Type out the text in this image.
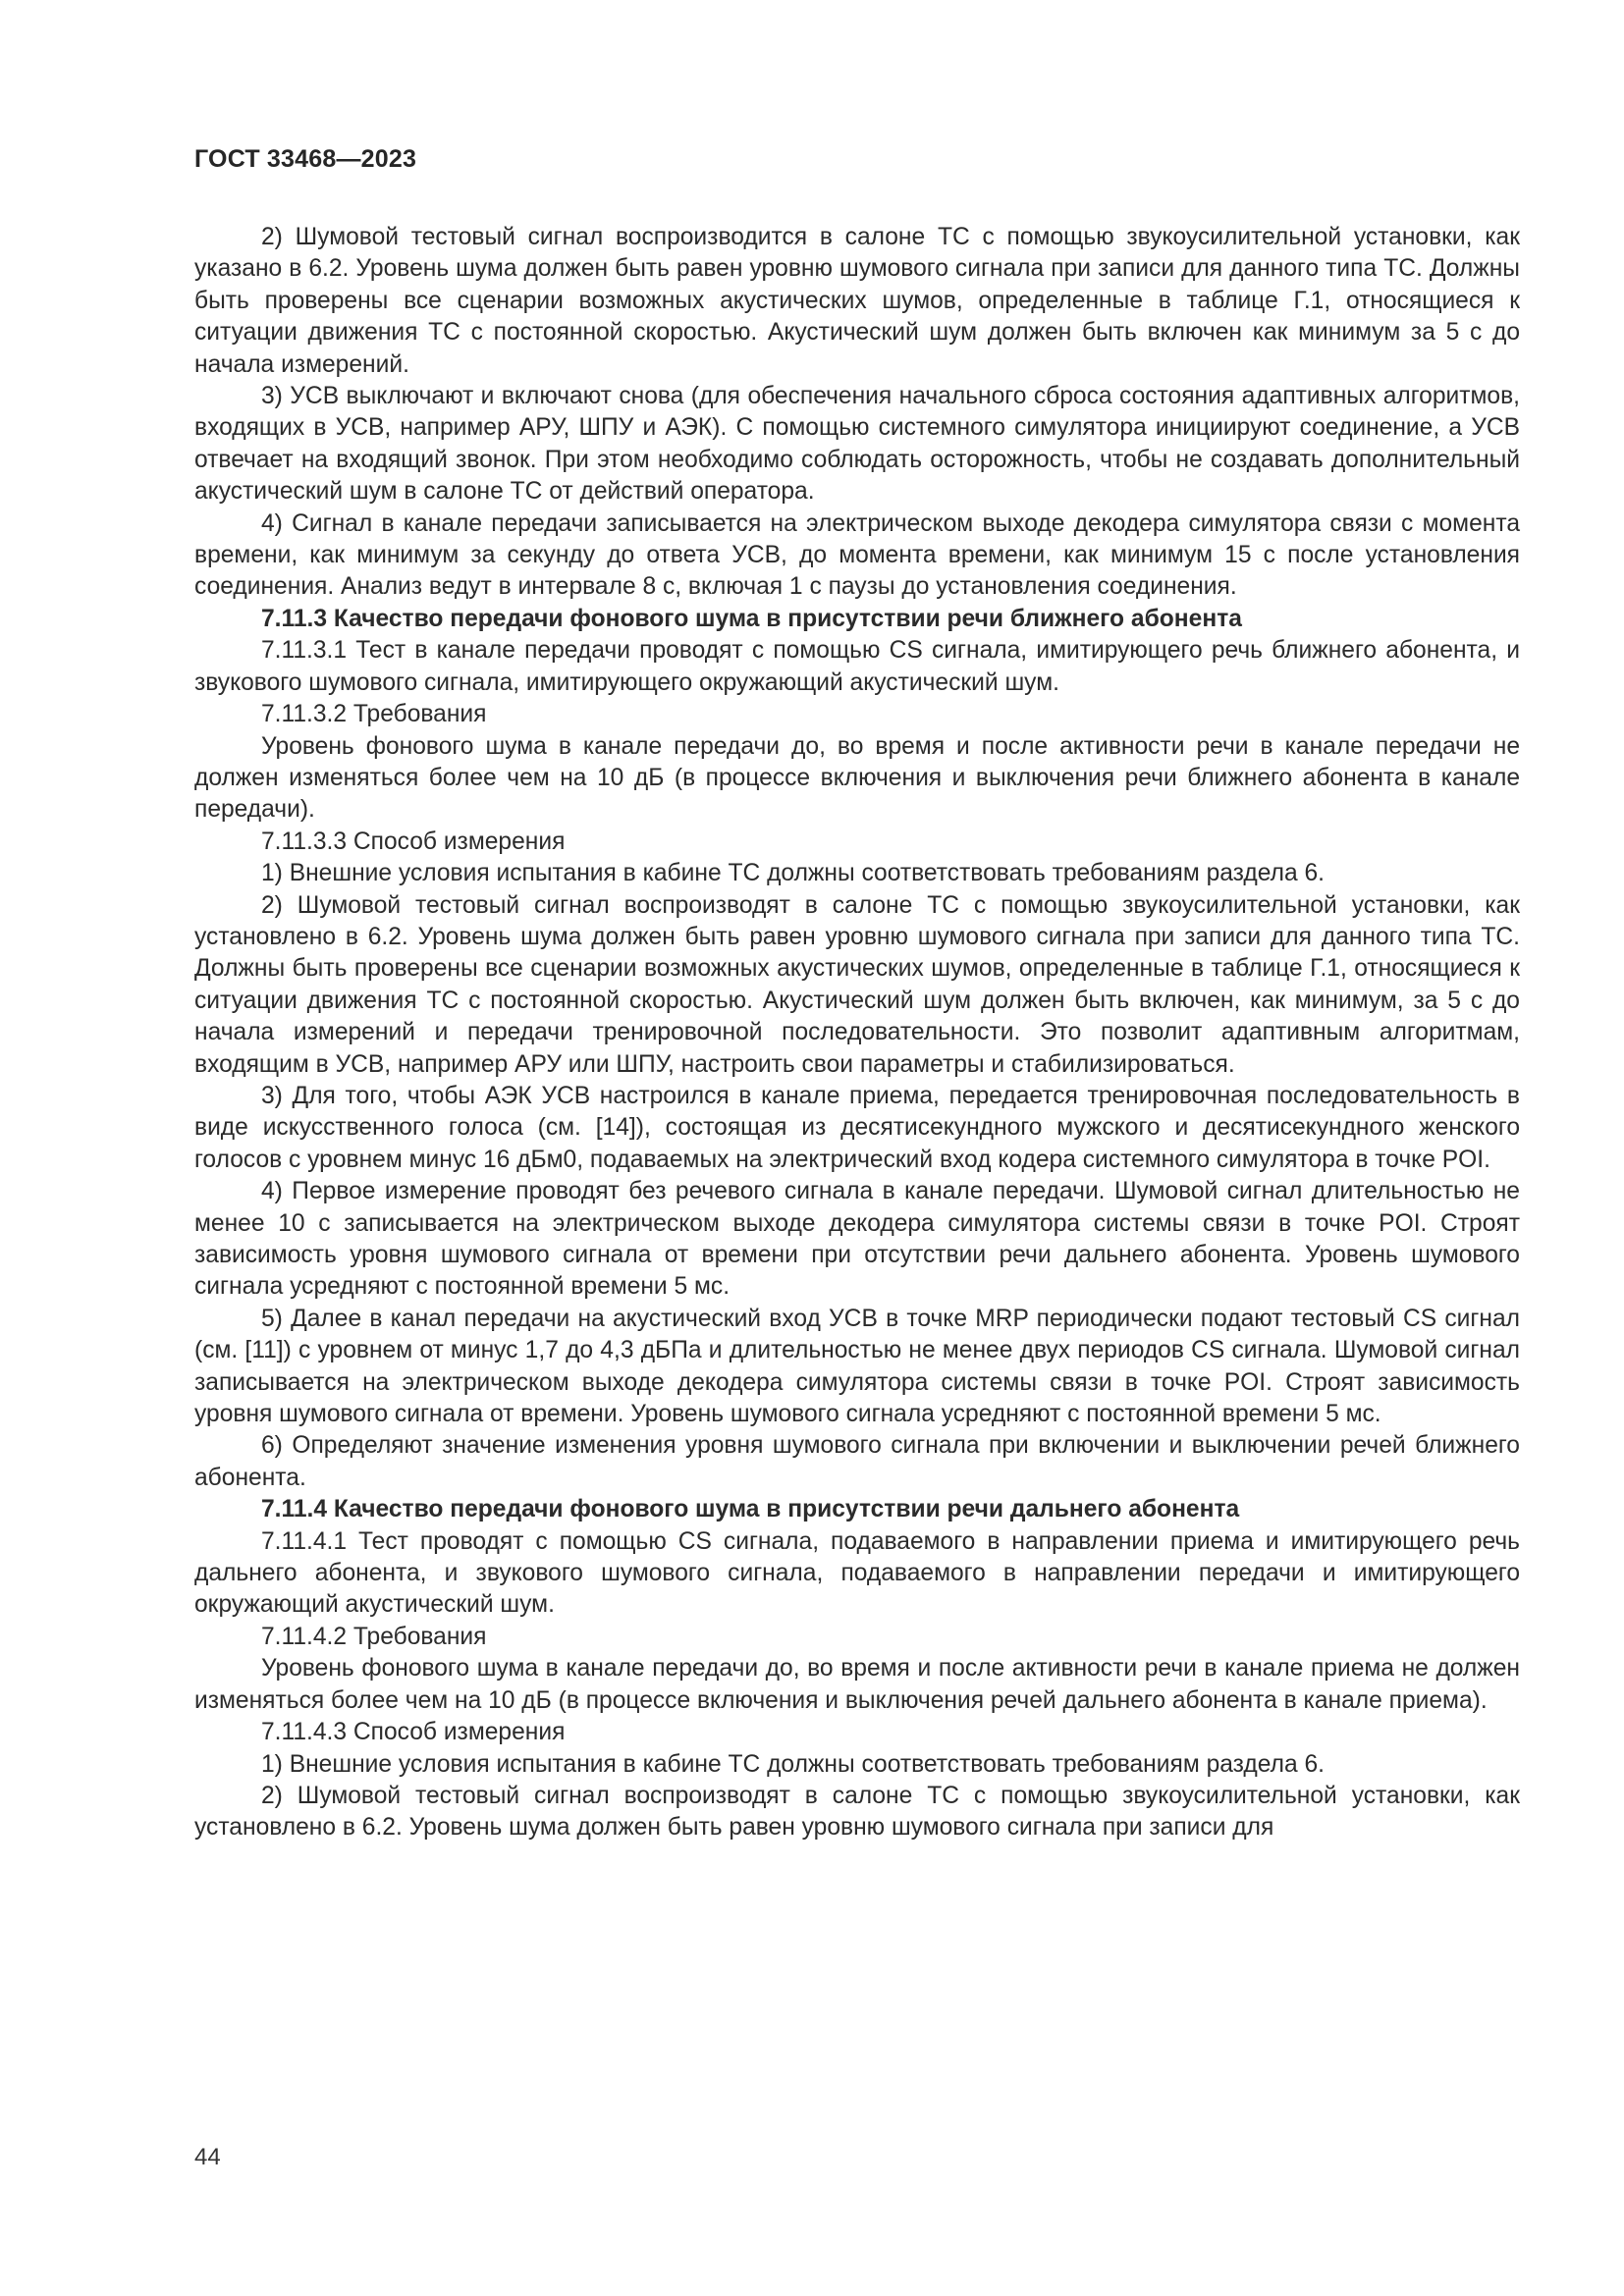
ГОСТ 33468—2023

2) Шумовой тестовый сигнал воспроизводится в салоне ТС с помощью звукоусилительной установки, как указано в 6.2. Уровень шума должен быть равен уровню шумового сигнала при записи для данного типа ТС. Должны быть проверены все сценарии возможных акустических шумов, определенные в таблице Г.1, относящиеся к ситуации движения ТС с постоянной скоростью. Акустический шум должен быть включен как минимум за 5 с до начала измерений.

3) УСВ выключают и включают снова (для обеспечения начального сброса состояния адаптивных алгоритмов, входящих в УСВ, например АРУ, ШПУ и АЭК). С помощью системного симулятора инициируют соединение, а УСВ отвечает на входящий звонок. При этом необходимо соблюдать осторожность, чтобы не создавать дополнительный акустический шум в салоне ТС от действий оператора.

4) Сигнал в канале передачи записывается на электрическом выходе декодера симулятора связи с момента времени, как минимум за секунду до ответа УСВ, до момента времени, как минимум 15 с после установления соединения. Анализ ведут в интервале 8 с, включая 1 с паузы до установления соединения.

7.11.3 Качество передачи фонового шума в присутствии речи ближнего абонента

7.11.3.1 Тест в канале передачи проводят с помощью CS сигнала, имитирующего речь ближнего абонента, и звукового шумового сигнала, имитирующего окружающий акустический шум.

7.11.3.2 Требования

Уровень фонового шума в канале передачи до, во время и после активности речи в канале передачи не должен изменяться более чем на 10 дБ (в процессе включения и выключения речи ближнего абонента в канале передачи).

7.11.3.3 Способ измерения

1) Внешние условия испытания в кабине ТС должны соответствовать требованиям раздела 6.

2) Шумовой тестовый сигнал воспроизводят в салоне ТС с помощью звукоусилительной установки, как установлено в 6.2. Уровень шума должен быть равен уровню шумового сигнала при записи для данного типа ТС. Должны быть проверены все сценарии возможных акустических шумов, определенные в таблице Г.1, относящиеся к ситуации движения ТС с постоянной скоростью. Акустический шум должен быть включен, как минимум, за 5 с до начала измерений и передачи тренировочной последовательности. Это позволит адаптивным алгоритмам, входящим в УСВ, например АРУ или ШПУ, настроить свои параметры и стабилизироваться.

3) Для того, чтобы АЭК УСВ настроился в канале приема, передается тренировочная последовательность в виде искусственного голоса (см. [14]), состоящая из десятисекундного мужского и десятисекундного женского голосов с уровнем минус 16 дБм0, подаваемых на электрический вход кодера системного симулятора в точке POI.

4) Первое измерение проводят без речевого сигнала в канале передачи. Шумовой сигнал длительностью не менее 10 с записывается на электрическом выходе декодера симулятора системы связи в точке POI. Строят зависимость уровня шумового сигнала от времени при отсутствии речи дальнего абонента. Уровень шумового сигнала усредняют с постоянной времени 5 мс.

5) Далее в канал передачи на акустический вход УСВ в точке MRP периодически подают тестовый CS сигнал (см. [11]) с уровнем от минус 1,7 до 4,3 дБПа и длительностью не менее двух периодов CS сигнала. Шумовой сигнал записывается на электрическом выходе декодера симулятора системы связи в точке POI. Строят зависимость уровня шумового сигнала от времени. Уровень шумового сигнала усредняют с постоянной времени 5 мс.

6) Определяют значение изменения уровня шумового сигнала при включении и выключении речей ближнего абонента.

7.11.4 Качество передачи фонового шума в присутствии речи дальнего абонента

7.11.4.1 Тест проводят с помощью CS сигнала, подаваемого в направлении приема и имитирующего речь дальнего абонента, и звукового шумового сигнала, подаваемого в направлении передачи и имитирующего окружающий акустический шум.

7.11.4.2 Требования

Уровень фонового шума в канале передачи до, во время и после активности речи в канале приема не должен изменяться более чем на 10 дБ (в процессе включения и выключения речей дальнего абонента в канале приема).

7.11.4.3 Способ измерения

1) Внешние условия испытания в кабине ТС должны соответствовать требованиям раздела 6.

2) Шумовой тестовый сигнал воспроизводят в салоне ТС с помощью звукоусилительной установки, как установлено в 6.2. Уровень шума должен быть равен уровню шумового сигнала при записи для

44
